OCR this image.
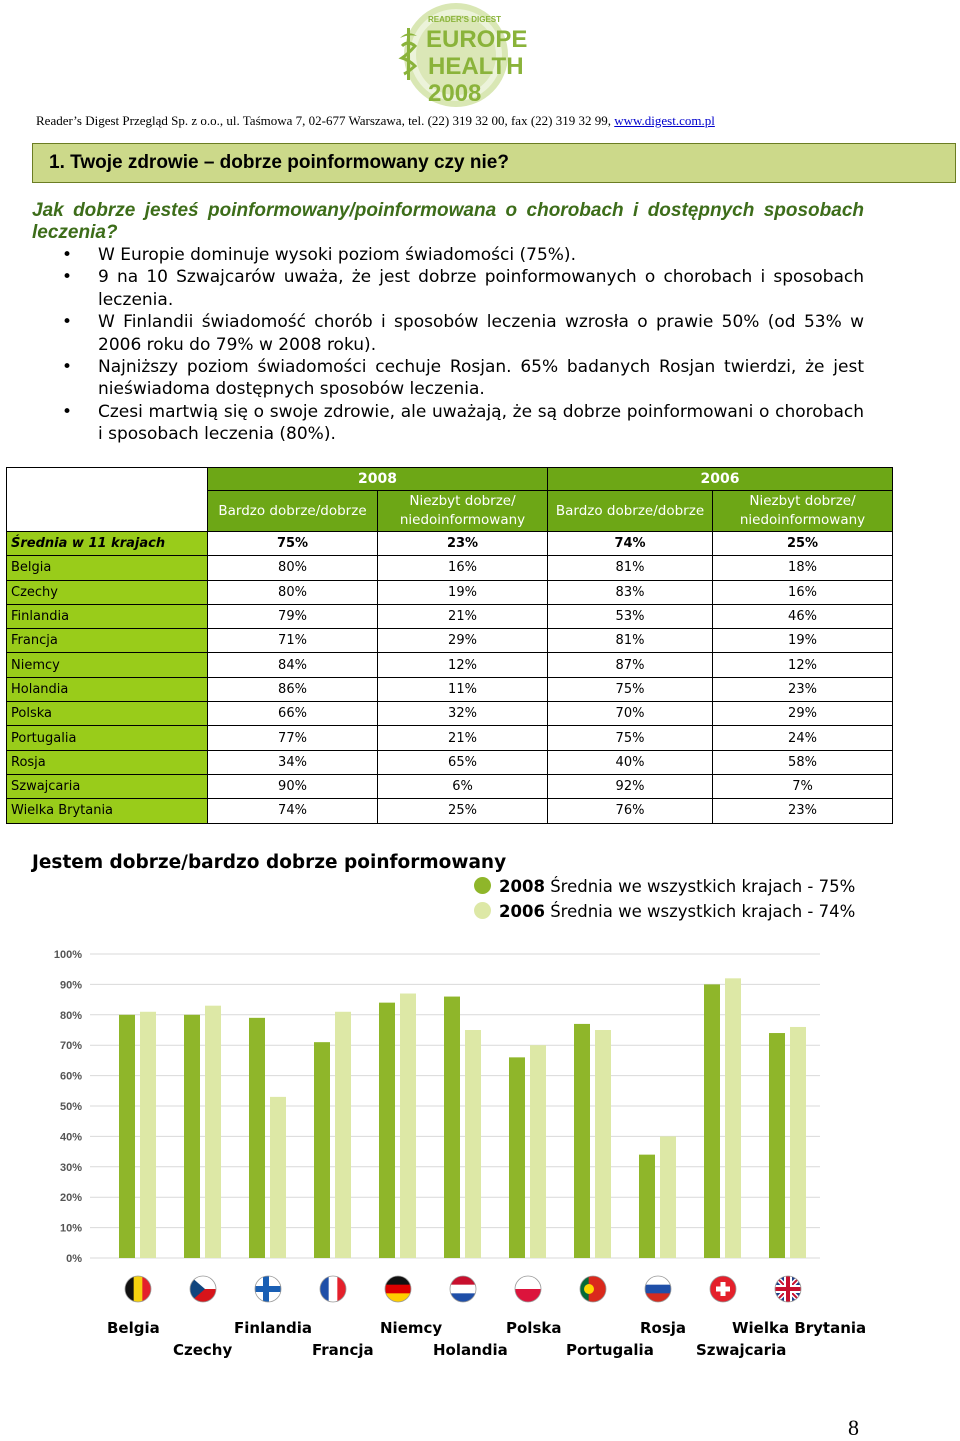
READER'S DIGEST
EUROPE
HEALTH
2008
Reader’s Digest Przegląd Sp. z o.o., ul. Taśmowa 7, 02-677 Warszawa, tel. (22) 319 32 00, fax (22) 319 32 99, www.digest.com.pl
1. Twoje zdrowie – dobrze poinformowany czy nie?
Jak dobrze jesteś poinformowany/poinformowana o chorobach i dostępnych sposobach leczenia?
• W Europie dominuje wysoki poziom świadomości (75%).
• 9 na 10 Szwajcarów uważa, że jest dobrze poinformowanych o chorobach i sposobach leczenia.
• W Finlandii świadomość chorób i sposobów leczenia wzrosła o prawie 50% (od 53% w 2006 roku do 79% w 2008 roku).
• Najniższy poziom świadomości cechuje Rosjan. 65% badanych Rosjan twierdzi, że jest nieświadoma dostępnych sposobów leczenia.
• Czesi martwią się o swoje zdrowie, ale uważają, że są dobrze poinformowani o chorobach i sposobach leczenia (80%).
	2008		2006	
	Bardzo dobrze/dobrze	Niezbyt dobrze/ niedoinformowany	Bardzo dobrze/dobrze	Niezbyt dobrze/ niedoinformowany
Średnia w 11 krajach	75%	23%	74%	25%
Belgia	80%	16%	81%	18%
Czechy	80%	19%	83%	16%
Finlandia	79%	21%	53%	46%
Francja	71%	29%	81%	19%
Niemcy	84%	12%	87%	12%
Holandia	86%	11%	75%	23%
Polska	66%	32%	70%	29%
Portugalia	77%	21%	75%	24%
Rosja	34%	65%	40%	58%
Szwajcaria	90%	6%	92%	7%
Wielka Brytania	74%	25%	76%	23%
Jestem dobrze/bardzo dobrze poinformowany
2008 Średnia we wszystkich krajach - 75%
2006 Średnia we wszystkich krajach - 74%
0%
10%
20%
30%
40%
50%
60%
70%
80%
90%
100%
Belgia
Czechy
Finlandia
Francja
Niemcy
Holandia
Polska
Portugalia
Rosja
Szwajcaria
Wielka Brytania
8
